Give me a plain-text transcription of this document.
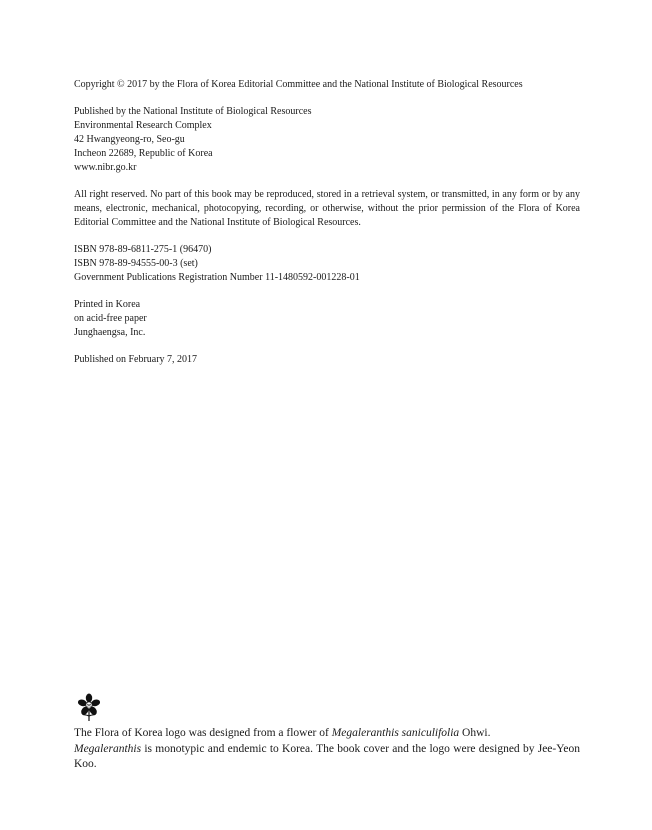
Copyright © 2017 by the Flora of Korea Editorial Committee and the National Institute of Biological Resources
Published by the National Institute of Biological Resources
Environmental Research Complex
42 Hwangyeong-ro, Seo-gu
Incheon 22689, Republic of Korea
www.nibr.go.kr
All right reserved. No part of this book may be reproduced, stored in a retrieval system, or transmitted, in any form or by any means, electronic, mechanical, photocopying, recording, or otherwise, without the prior permission of the Flora of Korea Editorial Committee and the National Institute of Biological Resources.
ISBN 978-89-6811-275-1 (96470)
ISBN 978-89-94555-00-3 (set)
Government Publications Registration Number 11-1480592-001228-01
Printed in Korea
on acid-free paper
Junghaengsa, Inc.
Published on February 7, 2017

The Flora of Korea logo was designed from a flower of Megaleranthis saniculifolia Ohwi.
Megaleranthis is monotypic and endemic to Korea. The book cover and the logo were designed by Jee-Yeon Koo.
